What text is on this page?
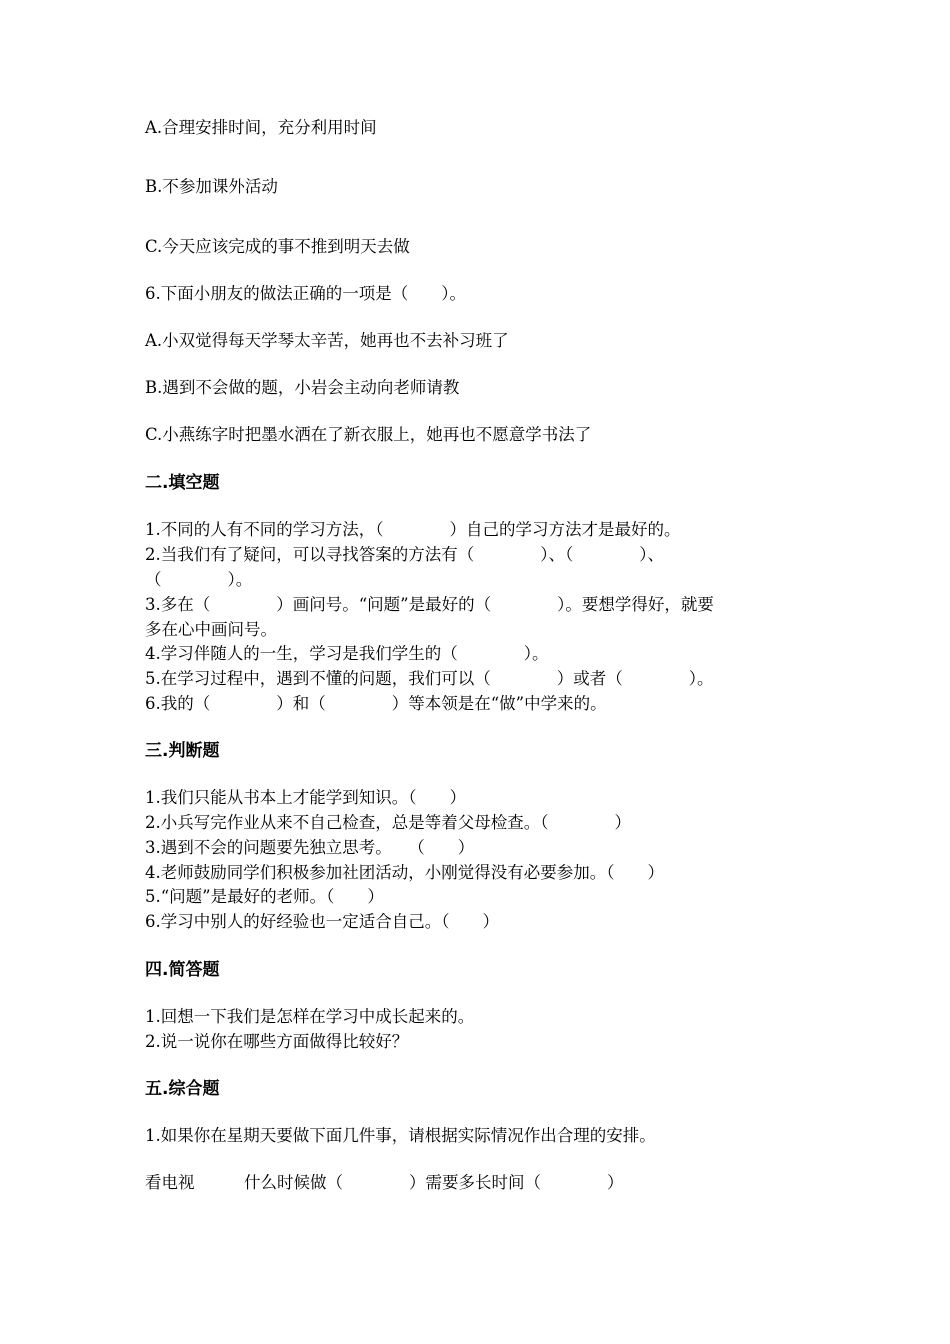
A.合理安排时间，充分利用时间

B.不参加课外活动

C.今天应该完成的事不推到明天去做

6.下面小朋友的做法正确的一项是（　　）。

A.小双觉得每天学琴太辛苦，她再也不去补习班了

B.遇到不会做的题，小岩会主动向老师请教

C.小燕练字时把墨水洒在了新衣服上，她再也不愿意学书法了

二.填空题

1.不同的人有不同的学习方法，（　　　　）自己的学习方法才是最好的。

2.当我们有了疑问，可以寻找答案的方法有（　　　　）、（　　　　）、

（　　　　）。

3.多在（　　　　）画问号。“问题”是最好的（　　　　）。要想学得好，就要

多在心中画问号。

4.学习伴随人的一生，学习是我们学生的（　　　　）。

5.在学习过程中，遇到不懂的问题，我们可以（　　　　）或者（　　　　）。

6.我的（　　　　）和（　　　　）等本领是在“做”中学来的。

三.判断题

1.我们只能从书本上才能学到知识。（　　）

2.小兵写完作业从来不自己检查，总是等着父母检查。（　　　　）

3.遇到不会的问题要先独立思考。　　（　　）

4.老师鼓励同学们积极参加社团活动，小刚觉得没有必要参加。（　　）

5.“问题”是最好的老师。（　　）

6.学习中别人的好经验也一定适合自己。（　　）

四.简答题

1.回想一下我们是怎样在学习中成长起来的。

2.说一说你在哪些方面做得比较好？

五.综合题

1.如果你在星期天要做下面几件事，请根据实际情况作出合理的安排。

看电视　　　什么时候做（　　　　）需要多长时间（　　　　）
